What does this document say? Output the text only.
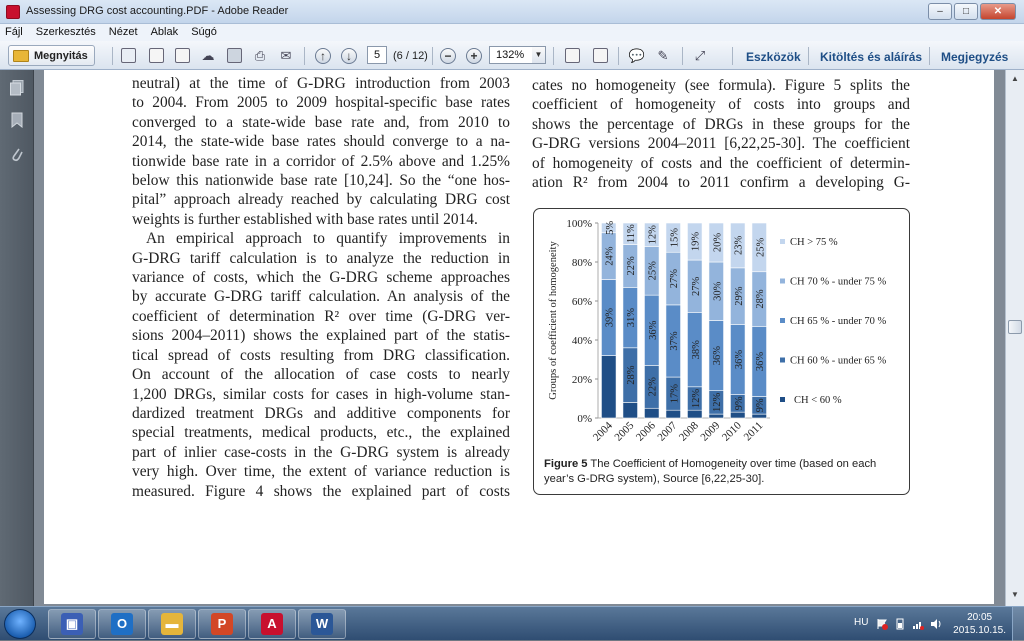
Assessing DRG cost accounting.PDF - Adobe Reader	–	□	✕
Fájl Szerkesztés Nézet Ablak Súgó
Megnyitás	☁	⎙	✉	↑	↓	5	(6 / 12)	−	+	132%	▼	💬 ✎	⤢	Eszközök Kitöltés és aláírás Megjegyzés

neutral) at the time of G-DRG introduction from 2003
to 2004. From 2005 to 2009 hospital-specific base rates
converged to a state-wide base rate and, from 2010 to
2014, the state-wide base rates should converge to a na-
tionwide base rate in a corridor of 2.5% above and 1.25%
below this nationwide base rate [10,24]. So the “one hos-
pital” approach already reached by calculating DRG cost
weights is further established with base rates until 2014.
An empirical approach to quantify improvements in
G-DRG tariff calculation is to analyze the reduction in
variance of costs, which the G-DRG scheme approaches
by accurate G-DRG tariff calculation. An analysis of the
coefficient of determination R² over time (G-DRG ver-
sions 2004–2011) shows the explained part of the statis-
tical spread of costs resulting from DRG classification.
On account of the allocation of case costs to nearly
1,200 DRGs, similar costs for cases in high-volume stan-
dardized treatment DRGs and additive components for
special treatments, medical products, etc., the explained
part of inlier case-costs in the G-DRG system is already
very high. Over time, the extent of variance reduction is
measured. Figure 4 shows the explained part of costs

cates no homogeneity (see formula). Figure 5 splits the
coefficient of homogeneity of costs into groups and
shows the percentage of DRGs in these groups for the
G-DRG versions 2004–2011 [6,22,25-30]. The coefficient
of homogeneity of costs and the coefficient of determin-
ation R² from 2004 to 2011 confirm a developing G-
Groups of coefficient of homogeneity
0%
20%
40%
60%
80%
100%
39%
24%
5%
2004
28%
31%
22%
11%
2005
22%
36%
25%
12%
2006
17%
37%
27%
15%
2007
12%
38%
27%
19%
2008
12%
36%
30%
20%
2009
9%
36%
29%
23%
2010
9%
36%
28%
25%
2011
CH > 75 %
CH 70 % - under 75 %
CH 65 % - under 70 %
CH 60 % - under 65 %
CH < 60 %
Figure 5 The Coefficient of Homogeneity over time (based on each year’s G-DRG system), Source [6,22,25-30].
▲
▼
▣	O	▬	P	A	W	HU	20:05
2015.10.15.
